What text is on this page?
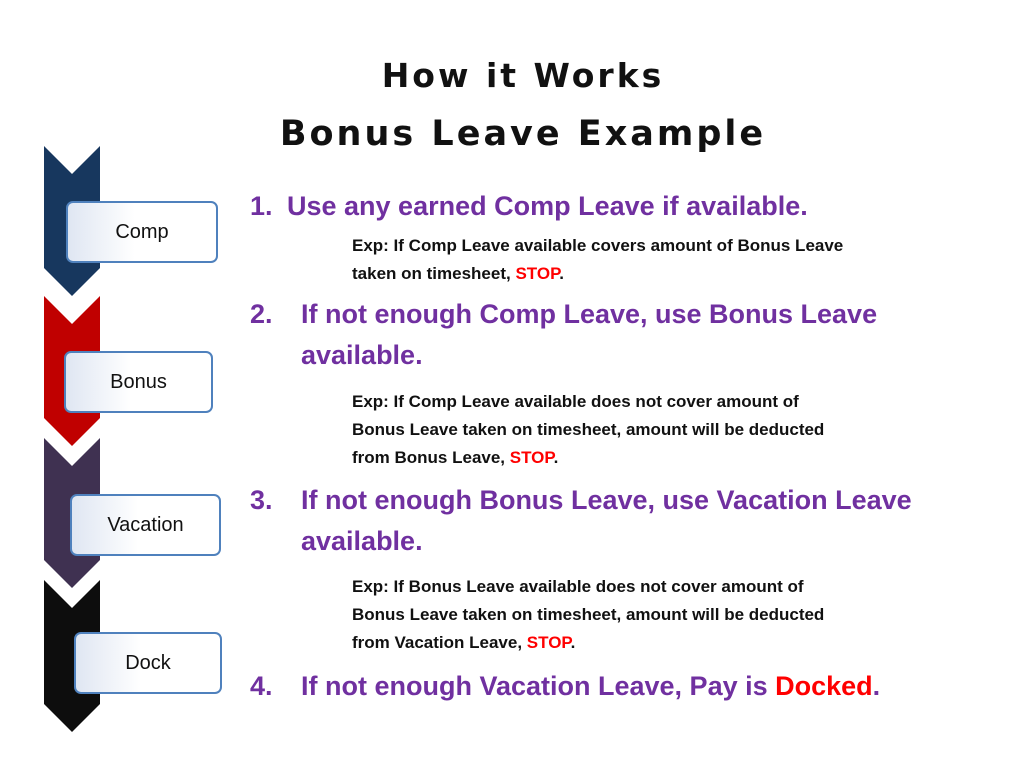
How it Works
Bonus Leave Example
Comp
Bonus
Vacation
Dock
1. Use any earned Comp Leave if available.
Exp: If Comp Leave available covers amount of Bonus Leave
taken on timesheet, STOP.
2. If not enough Comp Leave, use Bonus Leave
available.
Exp: If Comp Leave available does not cover amount of
Bonus Leave taken on timesheet, amount will be deducted
from Bonus Leave, STOP.
3. If not enough Bonus Leave, use Vacation Leave
available.
Exp: If Bonus Leave available does not cover amount of
Bonus Leave taken on timesheet, amount will be deducted
from Vacation Leave, STOP.
4. If not enough Vacation Leave, Pay is Docked.
